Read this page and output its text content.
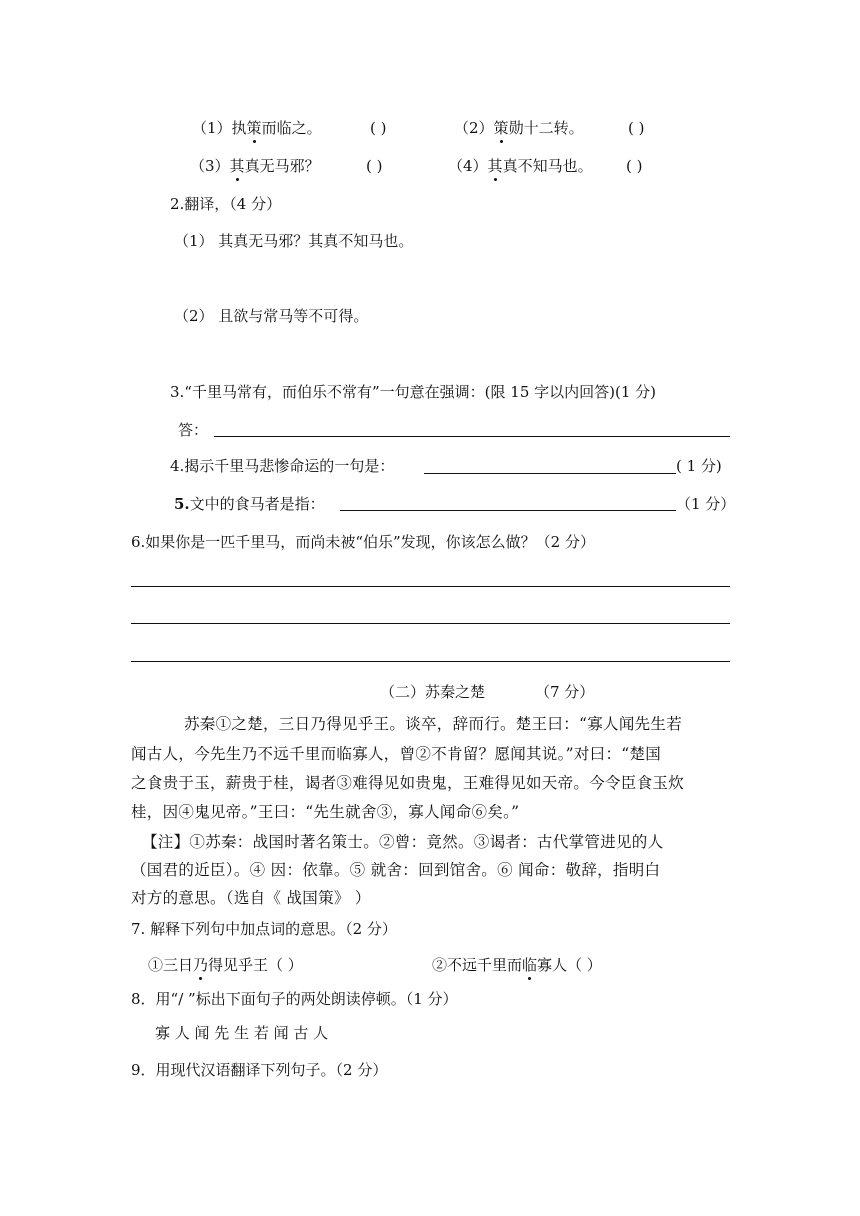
（1）执策而临之。	( )	（2）策勋十二转。	( )
（3）其真无马邪？	( )	（4）其真不知马也。 ( )
2.翻译，（4 分）
（1） 其真无马邪？其真不知马也。
（2） 且欲与常马等不可得。
3.“千里马常有，而伯乐不常有”一句意在强调：(限 15 字以内回答)(1 分)
答：
4.揭示千里马悲惨命运的一句是：	( 1 分)
5.文中的食马者是指：	（1 分）
6.如果你是一匹千里马，而尚未被“伯乐”发现，你该怎么做？（2 分）
（二）苏秦之楚	（7 分）
苏秦①之楚，三日乃得见乎王。谈卒，辞而行。楚王曰：“寡人闻先生若
闻古人，今先生乃不远千里而临寡人，曾②不肯留？愿闻其说。”对曰：“楚国
之食贵于玉，薪贵于桂，谒者③难得见如贵鬼，王难得见如天帝。今令臣食玉炊
桂，因④鬼见帝。”王曰：“先生就舍③，寡人闻命⑥矣。”
【注】①苏秦：战国时著名策士。②曾：竟然。③谒者：古代掌管进见的人
（国君的近臣）。④ 因：依靠。⑤ 就舍：回到馆舍。⑥ 闻命：敬辞，指明白
对方的意思。（选自《 战国策》 ）
7. 解释下列句中加点词的意思。（2 分）
①三日乃得见乎王（ ）	②不远千里而临寡人（ ）
8．用“/ ”标出下面句子的两处朗读停顿。（1 分）
寡 人 闻 先 生 若 闻 古 人
9．用现代汉语翻译下列句子。（2 分）
